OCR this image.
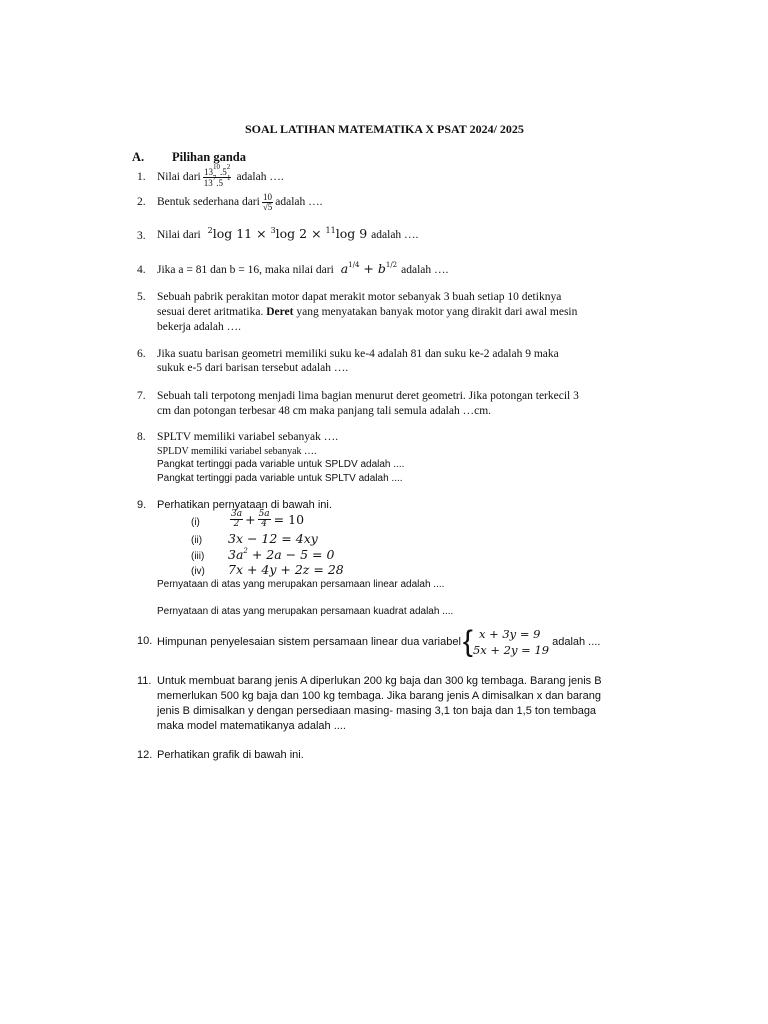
SOAL LATIHAN MATEMATIKA X PSAT 2024/ 2025
A. Pilihan ganda
1. Nilai dari $\frac{13^{10}.5^2}{13^7.5^{-1}}$ adalah ….
2. Bentuk sederhana dari $\frac{10}{√5}$ adalah ….
3. Nilai dari $^2$log 11 × $^3$log 2 × $^{11}$log 9 adalah ….
4. Jika a = 81 dan b = 16, maka nilai dari $a^{1/4} + b^{1/2}$ adalah ….
5. Sebuah pabrik perakitan motor dapat merakit motor sebanyak 3 buah setiap 10 detiknya
sesuai deret aritmatika. Deret yang menyatakan banyak motor yang dirakit dari awal mesin
bekerja adalah ….
6. Jika suatu barisan geometri memiliki suku ke-4 adalah 81 dan suku ke-2 adalah 9 maka
sukuk e-5 dari barisan tersebut adalah ….
7. Sebuah tali terpotong menjadi lima bagian menurut deret geometri. Jika potongan terkecil 3
cm dan potongan terbesar 48 cm maka panjang tali semula adalah …cm.
8. SPLTV memiliki variabel sebanyak ….
SPLDV memiliki variabel sebanyak ….
Pangkat tertinggi pada variable untuk SPLDV adalah ....
Pangkat tertinggi pada variable untuk SPLTV adalah ....
9. Perhatikan pernyataan di bawah ini.
(i)	$\frac{3a}{2} + \frac{5a}{4} = 10$
(ii) 3x − 12 = 4xy
(iii) $3a^2 + 2a - 5 = 0$
(iv) 7x + 4y + 2z = 28
Pernyataan di atas yang merupakan persamaan linear adalah ....
Pernyataan di atas yang merupakan persamaan kuadrat adalah ....
10. Himpunan penyelesaian sistem persamaan linear dua variabel { x + 3y = 9
5x + 2y = 19
adalah ....
11. Untuk membuat barang jenis A diperlukan 200 kg baja dan 300 kg tembaga. Barang jenis B
memerlukan 500 kg baja dan 100 kg tembaga. Jika barang jenis A dimisalkan x dan barang
jenis B dimisalkan y dengan persediaan masing- masing 3,1 ton baja dan 1,5 ton tembaga
maka model matematikanya adalah ....
12. Perhatikan grafik di bawah ini.
